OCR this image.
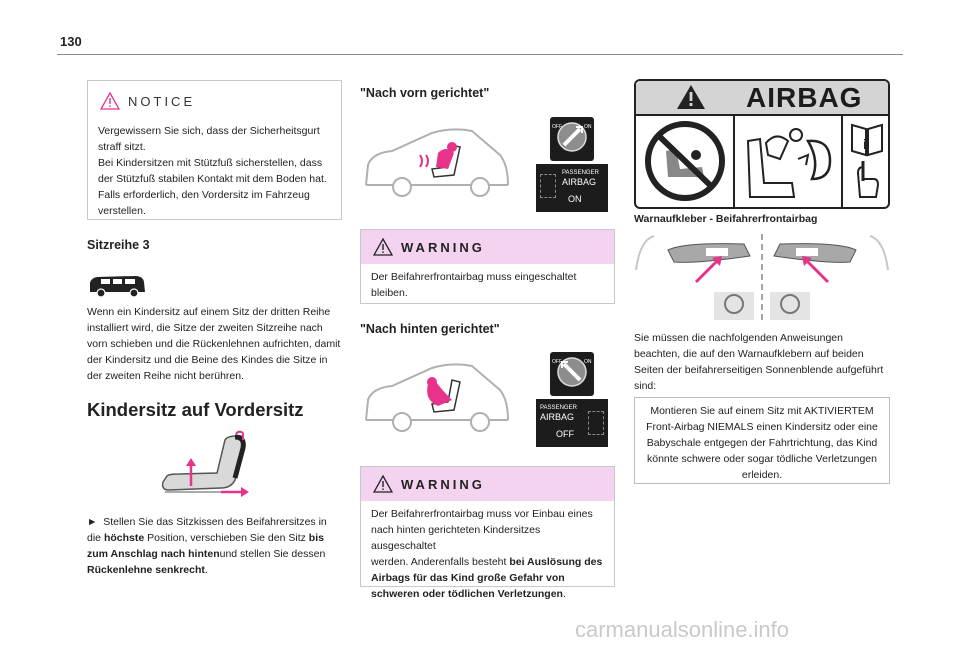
130
NOTICE
Vergewissern Sie sich, dass der Sicherheitsgurt
straff sitzt.
Bei Kindersitzen mit Stützfuß sicherstellen, dass
der Stützfuß stabilen Kontakt mit dem Boden hat.
Falls erforderlich, den Vordersitz im Fahrzeug
verstellen.
Sitzreihe 3
Wenn ein Kindersitz auf einem Sitz der dritten Reihe
installiert wird, die Sitze der zweiten Sitzreihe nach
vorn schieben und die Rückenlehnen aufrichten, damit
der Kindersitz und die Beine des Kindes die Sitze in
der zweiten Reihe nicht berühren.
Kindersitz auf Vordersitz
► Stellen Sie das Sitzkissen des Beifahrersitzes in
die höchste Position, verschieben Sie den Sitz bis
zum Anschlag nach hintenund stellen Sie dessen
Rückenlehne senkrecht.
"Nach vorn gerichtet"
OFF	ON
PASSENGER
AIRBAG
ON
WARNING
Der Beifahrerfrontairbag muss eingeschaltet
bleiben.
"Nach hinten gerichtet"
OFF	ON
PASSENGER
AIRBAG
OFF
WARNING
Der Beifahrerfrontairbag muss vor Einbau eines
nach hinten gerichteten Kindersitzes ausgeschaltet
werden. Anderenfalls besteht bei Auslösung des
Airbags für das Kind große Gefahr von
schweren oder tödlichen Verletzungen.
AIRBAG
i
Warnaufkleber - Beifahrerfrontairbag
Sie müssen die nachfolgenden Anweisungen
beachten, die auf den Warnaufklebern auf beiden
Seiten der beifahrerseitigen Sonnenblende aufgeführt
sind:
Montieren Sie auf einem Sitz mit AKTIVIERTEM
Front-Airbag NIEMALS einen Kindersitz oder eine
Babyschale entgegen der Fahrtrichtung, das Kind
könnte schwere oder sogar tödliche Verletzungen
erleiden.
carmanualsonline.info
